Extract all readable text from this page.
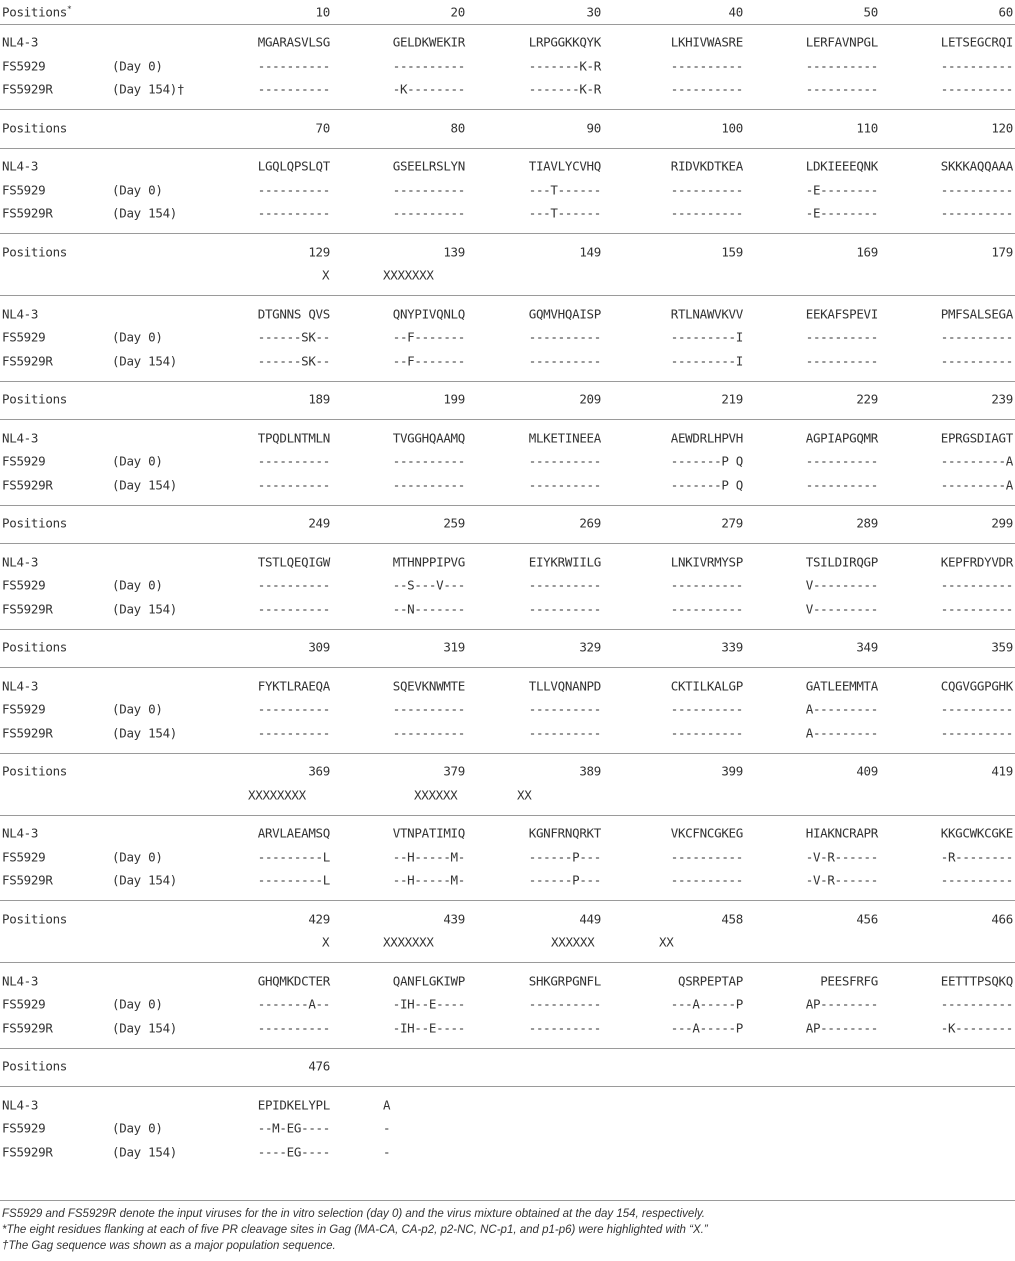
Positions*	10	20	30	40	50	60
NL4-3	MGARASVLSG	GELDKWEKIR	LRPGGKKQYK	LKHIVWASRE	LERFAVNPGL	LETSEGCRQI
FS5929	(Day 0)	----------	----------	-------K-R	----------	----------	----------
FS5929R	(Day 154)†	----------	-K--------	-------K-R	----------	----------	----------
Positions	70	80	90	100	110	120
NL4-3	LGQLQPSLQT	GSEELRSLYN	TIAVLYCVHQ	RIDVKDTKEA	LDKIEEEQNK	SKKKAQQAAA
FS5929	(Day 0)	----------	----------	---T------	----------	-E--------	----------
FS5929R	(Day 154)	----------	----------	---T------	----------	-E--------	----------
Positions	129	139	149	159	169	179
X	XXXXXXX
NL4-3	DTGNNS QVS	QNYPIVQNLQ	GQMVHQAISP	RTLNAWVKVV	EEKAFSPEVI	PMFSALSEGA
FS5929	(Day 0)	------SK--	--F-------	----------	---------I	----------	----------
FS5929R	(Day 154)	------SK--	--F-------	----------	---------I	----------	----------
Positions	189	199	209	219	229	239
NL4-3	TPQDLNTMLN	TVGGHQAAMQ	MLKETINEEA	AEWDRLHPVH	AGPIAPGQMR	EPRGSDIAGT
FS5929	(Day 0)	----------	----------	----------	-------P Q	----------	---------A
FS5929R	(Day 154)	----------	----------	----------	-------P Q	----------	---------A
Positions	249	259	269	279	289	299
NL4-3	TSTLQEQIGW	MTHNPPIPVG	EIYKRWIILG	LNKIVRMYSP	TSILDIRQGP	KEPFRDYVDR
FS5929	(Day 0)	----------	--S---V---	----------	----------	V---------	----------
FS5929R	(Day 154)	----------	--N-------	----------	----------	V---------	----------
Positions	309	319	329	339	349	359
NL4-3	FYKTLRAEQA	SQEVKNWMTE	TLLVQNANPD	CKTILKALGP	GATLEEMMTA	CQGVGGPGHK
FS5929	(Day 0)	----------	----------	----------	----------	A---------	----------
FS5929R	(Day 154)	----------	----------	----------	----------	A---------	----------
Positions	369	379	389	399	409	419
XXXXXXXX	XXXXXX	XX
NL4-3	ARVLAEAMSQ	VTNPATIMIQ	KGNFRNQRKT	VKCFNCGKEG	HIAKNCRAPR	KKGCWKCGKE
FS5929	(Day 0)	---------L	--H-----M-	------P---	----------	-V-R------	-R--------
FS5929R	(Day 154)	---------L	--H-----M-	------P---	----------	-V-R------	----------
Positions	429	439	449	458	456	466
X	XXXXXXX	XXXXXX	XX
NL4-3	GHQMKDCTER	QANFLGKIWP	SHKGRPGNFL	QSRPEPTAP	PEESFRFG	EETTTPSQKQ
FS5929	(Day 0)	-------A--	-IH--E----	----------	---A-----P	AP--------	----------
FS5929R	(Day 154)	----------	-IH--E----	----------	---A-----P	AP--------	-K--------
Positions	476
NL4-3	EPIDKELYPL	A
FS5929	(Day 0)	--M-EG----	-
FS5929R	(Day 154)	----EG----	-

FS5929 and FS5929R denote the input viruses for the in vitro selection (day 0) and the virus mixture obtained at the day 154, respectively.

*The eight residues flanking at each of five PR cleavage sites in Gag (MA-CA, CA-p2, p2-NC, NC-p1, and p1-p6) were highlighted with “X.”

†The Gag sequence was shown as a major population sequence.
